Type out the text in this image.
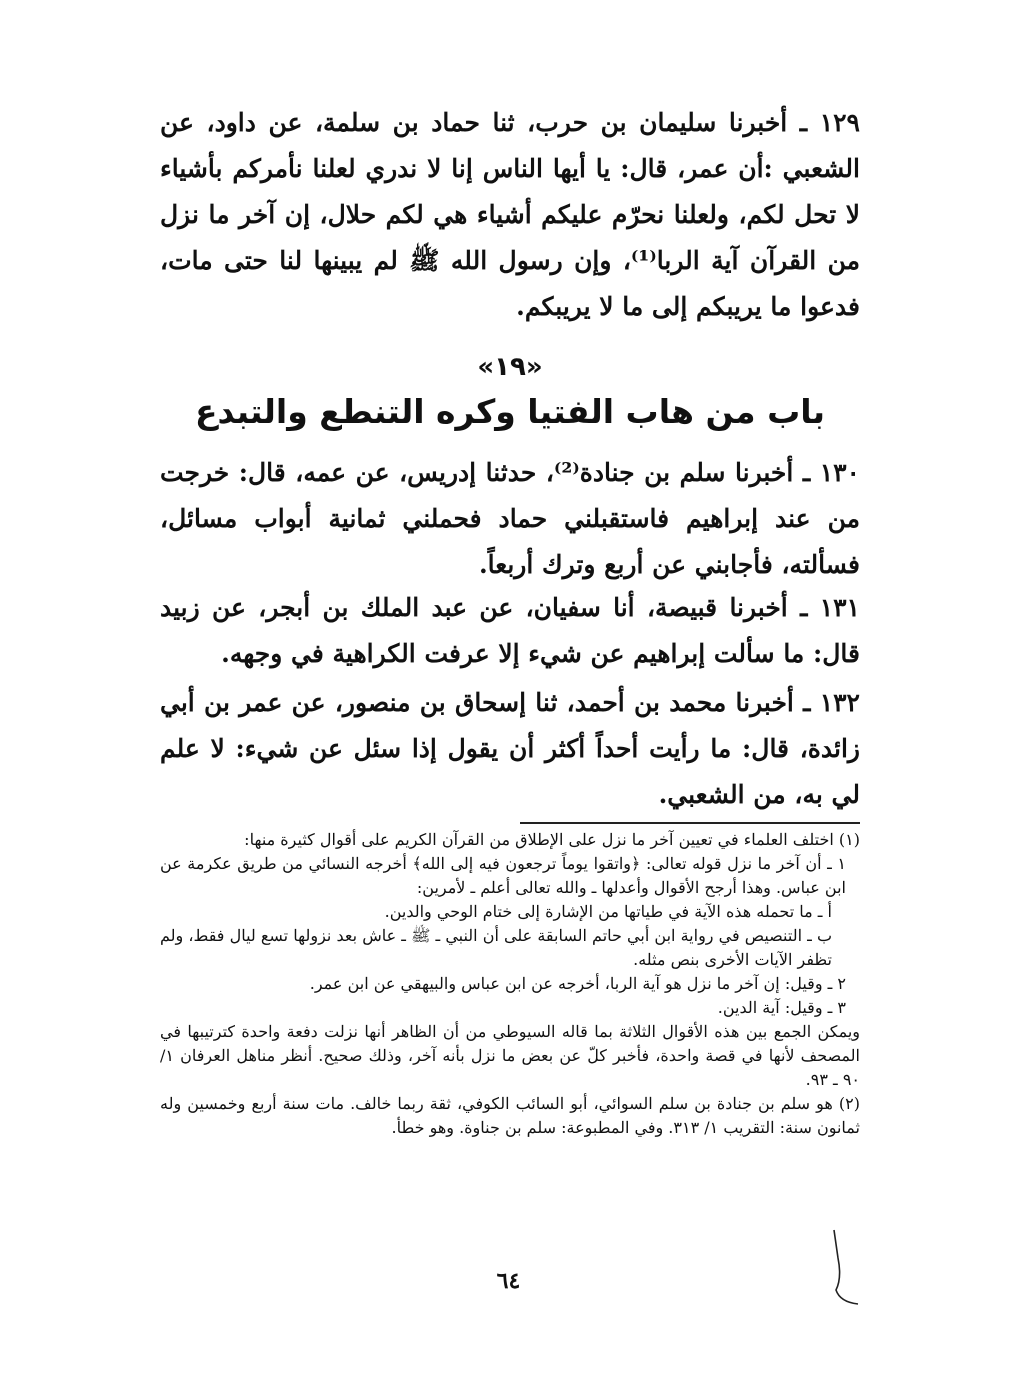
١٢٩ ـ أخبرنا سليمان بن حرب، ثنا حماد بن سلمة، عن داود، عن الشعبي :أن عمر، قال: يا أيها الناس إنا لا ندري لعلنا نأمركم بأشياء لا تحل لكم، ولعلنا نحرّم عليكم أشياء هي لكم حلال، إن آخر ما نزل من القرآن آية الربا⁽¹⁾، وإن رسول الله ﷺ لم يبينها لنا حتى مات، فدعوا ما يريبكم إلى ما لا يريبكم.

«١٩»
باب من هاب الفتيا وكره التنطع والتبدع

١٣٠ ـ أخبرنا سلم بن جنادة⁽²⁾، حدثنا إدريس، عن عمه، قال: خرجت من عند إبراهيم فاستقبلني حماد فحملني ثمانية أبواب مسائل، فسألته، فأجابني عن أربع وترك أربعاً.

١٣١ ـ أخبرنا قبيصة، أنا سفيان، عن عبد الملك بن أبجر، عن زبيد قال: ما سألت إبراهيم عن شيء إلا عرفت الكراهية في وجهه.

١٣٢ ـ أخبرنا محمد بن أحمد، ثنا إسحاق بن منصور، عن عمر بن أبي زائدة، قال: ما رأيت أحداً أكثر أن يقول إذا سئل عن شيء: لا علم لي به، من الشعبي.

(١) اختلف العلماء في تعيين آخر ما نزل على الإطلاق من القرآن الكريم على أقوال كثيرة منها:

١ ـ أن آخر ما نزل قوله تعالى: ﴿واتقوا يوماً ترجعون فيه إلى الله﴾ أخرجه النسائي من طريق عكرمة عن ابن عباس. وهذا أرجح الأقوال وأعدلها ـ والله تعالى أعلم ـ لأمرين:

أ ـ ما تحمله هذه الآية في طياتها من الإشارة إلى ختام الوحي والدين.

ب ـ التنصيص في رواية ابن أبي حاتم السابقة على أن النبي ـ ﷺ ـ عاش بعد نزولها تسع ليال فقط، ولم تظفر الآيات الأخرى بنص مثله.

٢ ـ وقيل: إن آخر ما نزل هو آية الربا، أخرجه عن ابن عباس والبيهقي عن ابن عمر.

٣ ـ وقيل: آية الدين.

ويمكن الجمع بين هذه الأقوال الثلاثة بما قاله السيوطي من أن الظاهر أنها نزلت دفعة واحدة كترتيبها في المصحف لأنها في قصة واحدة، فأخبر كلّ عن بعض ما نزل بأنه آخر، وذلك صحيح. أنظر مناهل العرفان ١/ ٩٠ ـ ٩٣.

(٢) هو سلم بن جنادة بن سلم السوائي، أبو السائب الكوفي، ثقة ربما خالف. مات سنة أربع وخمسين وله ثمانون سنة: التقريب ١/ ٣١٣. وفي المطبوعة: سلم بن جناوة. وهو خطأ.

٦٤
